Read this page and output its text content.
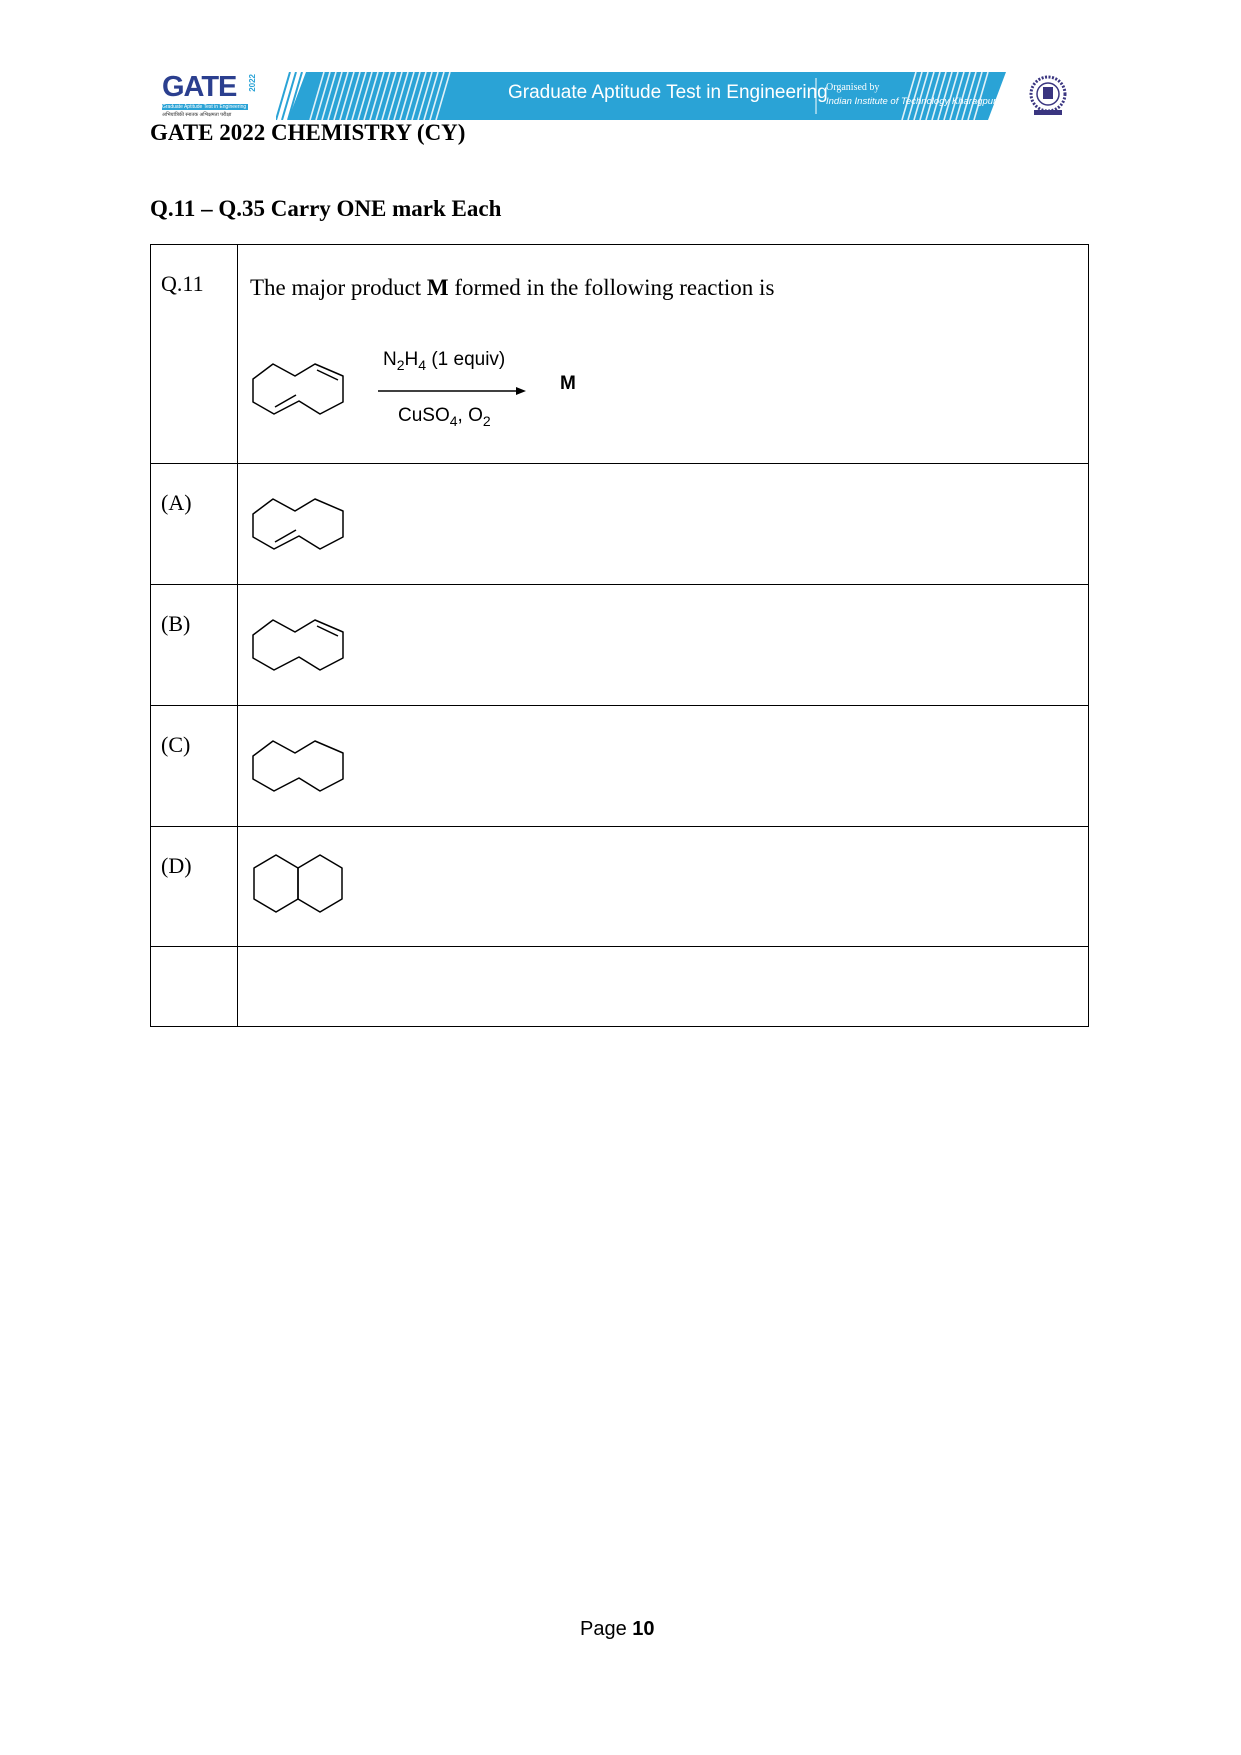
GATE 2022
Graduate Aptitude Test in Engineering
अभियांत्रिकी स्नातक अभिक्षमता परीक्षा
Graduate Aptitude Test in Engineering
Organised by
Indian Institute of Technology Kharagpur
GATE 2022 CHEMISTRY (CY)
Q.11 – Q.35 Carry ONE mark Each
Q.11	The major product M formed in the following reaction is
$N_2H_4$ (1 equiv)
CuSO$_4$, $O_2$
M
(A)
(B)
(C)
(D)
Page 10
